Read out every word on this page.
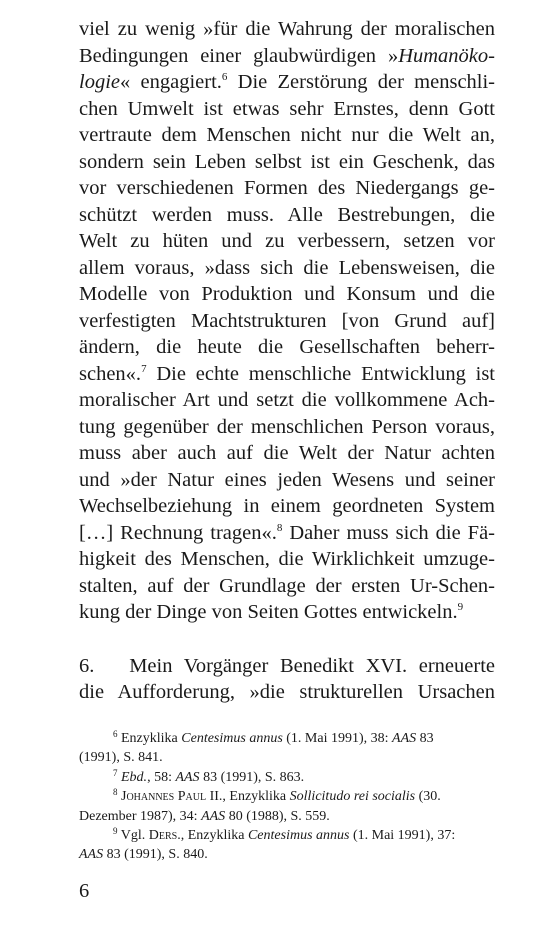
viel zu wenig »für die Wahrung der moralischen
Bedingungen einer glaubwürdigen »Humanöko-
logie« engagiert.$^6$ Die Zerstörung der menschli-
chen Umwelt ist etwas sehr Ernstes, denn Gott
vertraute dem Menschen nicht nur die Welt an,
sondern sein Leben selbst ist ein Geschenk, das
vor verschiedenen Formen des Niedergangs ge-
schützt werden muss. Alle Bestrebungen, die
Welt zu hüten und zu verbessern, setzen vor
allem voraus, »dass sich die Lebensweisen, die
Modelle von Produktion und Konsum und die
verfestigten Machtstrukturen [von Grund auf]
ändern, die heute die Gesellschaften beherr-
schen«.$^7$ Die echte menschliche Entwicklung ist
moralischer Art und setzt die vollkommene Ach-
tung gegenüber der menschlichen Person voraus,
muss aber auch auf die Welt der Natur achten
und »der Natur eines jeden Wesens und seiner
Wechselbeziehung in einem geordneten System
[…] Rechnung tragen«.$^8$ Daher muss sich die Fä-
higkeit des Menschen, die Wirklichkeit umzuge-
stalten, auf der Grundlage der ersten Ur-Schen-
kung der Dinge von Seiten Gottes entwickeln.$^9$
6.   Mein Vorgänger Benedikt XVI. erneuerte
die Aufforderung, »die strukturellen Ursachen
$^6$ Enzyklika Centesimus annus (1. Mai 1991), 38: AAS 83
(1991), S. 841.
$^7$ Ebd., 58: AAS 83 (1991), S. 863.
$^8$ Johannes Paul II., Enzyklika Sollicitudo rei socialis (30.
Dezember 1987), 34: AAS 80 (1988), S. 559.
$^9$ Vgl. Ders., Enzyklika Centesimus annus (1. Mai 1991), 37:
AAS 83 (1991), S. 840.
6
